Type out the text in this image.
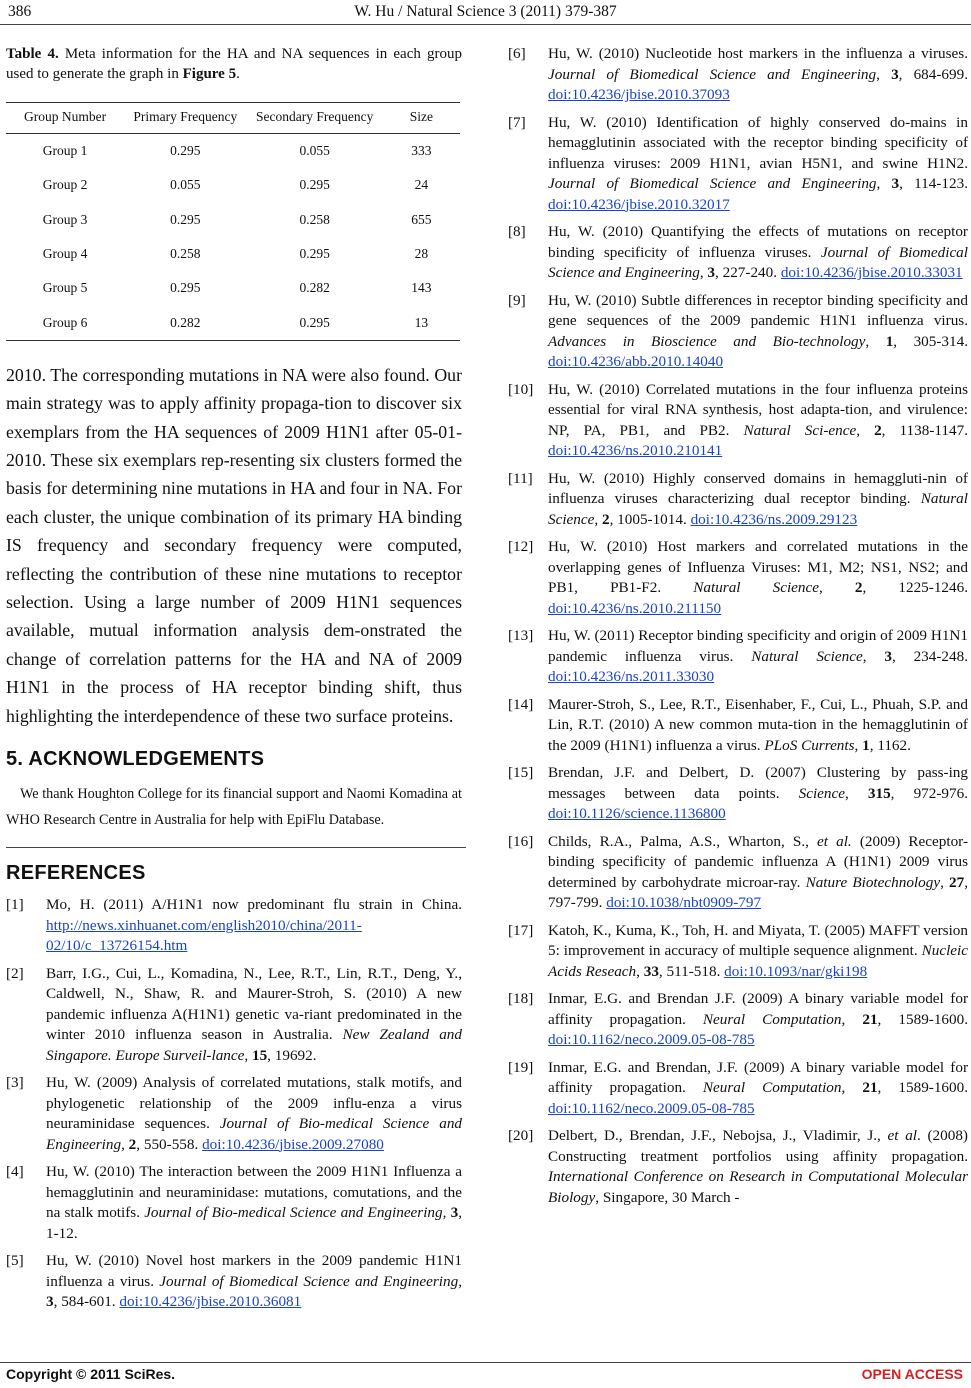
386	W. Hu / Natural Science 3 (2011) 379-387
Table 4. Meta information for the HA and NA sequences in each group used to generate the graph in Figure 5.
Group Number	Primary Frequency	Secondary Frequency	Size
Group 1	0.295	0.055	333
Group 2	0.055	0.295	24
Group 3	0.295	0.258	655
Group 4	0.258	0.295	28
Group 5	0.295	0.282	143
Group 6	0.282	0.295	13
2010. The corresponding mutations in NA were also found. Our main strategy was to apply affinity propaga-tion to discover six exemplars from the HA sequences of 2009 H1N1 after 05-01-2010. These six exemplars rep-resenting six clusters formed the basis for determining nine mutations in HA and four in NA. For each cluster, the unique combination of its primary HA binding IS frequency and secondary frequency were computed, reflecting the contribution of these nine mutations to receptor selection. Using a large number of 2009 H1N1 sequences available, mutual information analysis dem-onstrated the change of correlation patterns for the HA and NA of 2009 H1N1 in the process of HA receptor binding shift, thus highlighting the interdependence of these two surface proteins.
5. ACKNOWLEDGEMENTS
We thank Houghton College for its financial support and Naomi Komadina at WHO Research Centre in Australia for help with EpiFlu Database.
REFERENCES
[1]	Mo, H. (2011) A/H1N1 now predominant flu strain in China. http://news.xinhuanet.com/english2010/china/2011-02/10/c_13726154.htm
[2]	Barr, I.G., Cui, L., Komadina, N., Lee, R.T., Lin, R.T., Deng, Y., Caldwell, N., Shaw, R. and Maurer-Stroh, S. (2010) A new pandemic influenza A(H1N1) genetic va-riant predominated in the winter 2010 influenza season in Australia. New Zealand and Singapore. Europe Surveil-lance, 15, 19692.
[3]	Hu, W. (2009) Analysis of correlated mutations, stalk motifs, and phylogenetic relationship of the 2009 influ-enza a virus neuraminidase sequences. Journal of Bio-medical Science and Engineering, 2, 550-558. doi:10.4236/jbise.2009.27080
[4]	Hu, W. (2010) The interaction between the 2009 H1N1 Influenza a hemagglutinin and neuraminidase: mutations, comutations, and the na stalk motifs. Journal of Bio-medical Science and Engineering, 3, 1-12.
[5]	Hu, W. (2010) Novel host markers in the 2009 pandemic H1N1 influenza a virus. Journal of Biomedical Science and Engineering, 3, 584-601. doi:10.4236/jbise.2010.36081
[6]	Hu, W. (2010) Nucleotide host markers in the influenza a viruses. Journal of Biomedical Science and Engineering, 3, 684-699. doi:10.4236/jbise.2010.37093
[7]	Hu, W. (2010) Identification of highly conserved do-mains in hemagglutinin associated with the receptor binding specificity of influenza viruses: 2009 H1N1, avian H5N1, and swine H1N2. Journal of Biomedical Science and Engineering, 3, 114-123. doi:10.4236/jbise.2010.32017
[8]	Hu, W. (2010) Quantifying the effects of mutations on receptor binding specificity of influenza viruses. Journal of Biomedical Science and Engineering, 3, 227-240. doi:10.4236/jbise.2010.33031
[9]	Hu, W. (2010) Subtle differences in receptor binding specificity and gene sequences of the 2009 pandemic H1N1 influenza virus. Advances in Bioscience and Bio-technology, 1, 305-314. doi:10.4236/abb.2010.14040
[10] Hu, W. (2010) Correlated mutations in the four influenza proteins essential for viral RNA synthesis, host adapta-tion, and virulence: NP, PA, PB1, and PB2. Natural Sci-ence, 2, 1138-1147. doi:10.4236/ns.2010.210141
[11]	Hu, W. (2010) Highly conserved domains in hemaggluti-nin of influenza viruses characterizing dual receptor binding. Natural Science, 2, 1005-1014. doi:10.4236/ns.2009.29123
[12] Hu, W. (2010) Host markers and correlated mutations in the overlapping genes of Influenza Viruses: M1, M2; NS1, NS2; and PB1, PB1-F2. Natural Science, 2, 1225-1246. doi:10.4236/ns.2010.211150
[13] Hu, W. (2011) Receptor binding specificity and origin of 2009 H1N1 pandemic influenza virus. Natural Science, 3, 234-248. doi:10.4236/ns.2011.33030
[14] Maurer-Stroh, S., Lee, R.T., Eisenhaber, F., Cui, L., Phuah, S.P. and Lin, R.T. (2010) A new common muta-tion in the hemagglutinin of the 2009 (H1N1) influenza a virus. PLoS Currents, 1, 1162.
[15] Brendan, J.F. and Delbert, D. (2007) Clustering by pass-ing messages between data points. Science, 315, 972-976. doi:10.1126/science.1136800
[16] Childs, R.A., Palma, A.S., Wharton, S., et al. (2009) Receptor-binding specificity of pandemic influenza A (H1N1) 2009 virus determined by carbohydrate microar-ray. Nature Biotechnology, 27, 797-799. doi:10.1038/nbt0909-797
[17] Katoh, K., Kuma, K., Toh, H. and Miyata, T. (2005) MAFFT version 5: improvement in accuracy of multiple sequence alignment. Nucleic Acids Reseach, 33, 511-518. doi:10.1093/nar/gki198
[18] Inmar, E.G. and Brendan J.F. (2009) A binary variable model for affinity propagation. Neural Computation, 21, 1589-1600. doi:10.1162/neco.2009.05-08-785
[19] Inmar, E.G. and Brendan, J.F. (2009) A binary variable model for affinity propagation. Neural Computation, 21, 1589-1600. doi:10.1162/neco.2009.05-08-785
[20] Delbert, D., Brendan, J.F., Nebojsa, J., Vladimir, J., et al. (2008) Constructing treatment portfolios using affinity propagation. International Conference on Research in Computational Molecular Biology, Singapore, 30 March -
Copyright © 2011 SciRes.	OPEN ACCESS
